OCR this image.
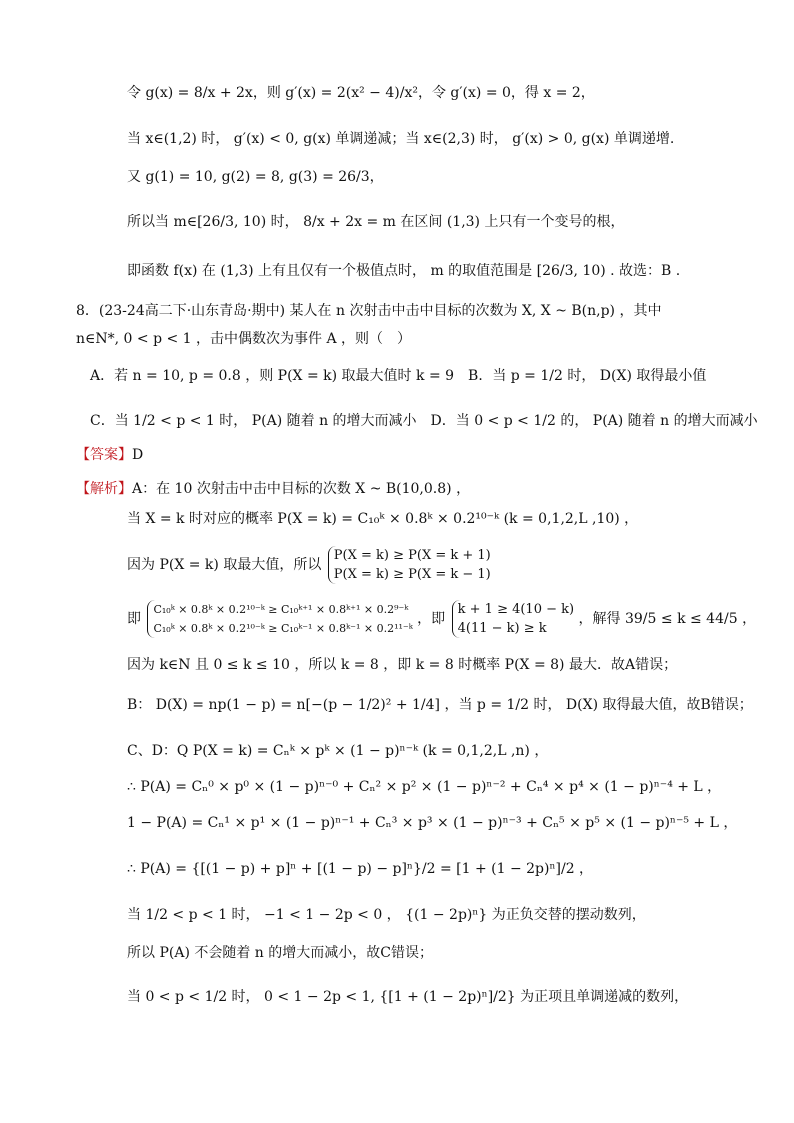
令 g(x) = 8/x + 2x，则 g′(x) = 2(x² − 4)/x²，令 g′(x) = 0，得 x = 2，
当 x∈(1,2) 时， g′(x) < 0, g(x) 单调递减；当 x∈(2,3) 时， g′(x) > 0, g(x) 单调递增.
又 g(1) = 10, g(2) = 8, g(3) = 26/3，
所以当 m∈[26/3, 10) 时， 8/x + 2x = m 在区间 (1,3) 上只有一个变号的根，
即函数 f(x) 在 (1,3) 上有且仅有一个极值点时， m 的取值范围是 [26/3, 10) . 故选：B .
8．(23-24高二下·山东青岛·期中) 某人在 n 次射击中击中目标的次数为 X, X ~ B(n,p) ，其中
n∈N*, 0 < p < 1 ，击中偶数次为事件 A ，则（　）
A．若 n = 10, p = 0.8 ，则 P(X = k) 取最大值时 k = 9　B．当 p = 1/2 时， D(X) 取得最小值
C．当 1/2 < p < 1 时， P(A) 随着 n 的增大而减小　D．当 0 < p < 1/2 的， P(A) 随着 n 的增大而减小
【答案】D
【解析】A：在 10 次射击中击中目标的次数 X ~ B(10,0.8) ，
当 X = k 时对应的概率 P(X = k) = C₁₀ᵏ × 0.8ᵏ × 0.2¹⁰⁻ᵏ (k = 0,1,2,L ,10) ，
因为 P(X = k) 取最大值，所以
P(X = k) ≥ P(X = k + 1)
P(X = k) ≥ P(X = k − 1)
即
C₁₀ᵏ × 0.8ᵏ × 0.2¹⁰⁻ᵏ ≥ C₁₀ᵏ⁺¹ × 0.8ᵏ⁺¹ × 0.2⁹⁻ᵏ
C₁₀ᵏ × 0.8ᵏ × 0.2¹⁰⁻ᵏ ≥ C₁₀ᵏ⁻¹ × 0.8ᵏ⁻¹ × 0.2¹¹⁻ᵏ
，即
k + 1 ≥ 4(10 − k)
4(11 − k) ≥ k
，解得 39/5 ≤ k ≤ 44/5 ，
因为 k∈N 且 0 ≤ k ≤ 10 ，所以 k = 8 ，即 k = 8 时概率 P(X = 8) 最大．故A错误；
B： D(X) = np(1 − p) = n[−(p − 1/2)² + 1/4] ，当 p = 1/2 时， D(X) 取得最大值，故B错误；
C、D：Q P(X = k) = Cₙᵏ × pᵏ × (1 − p)ⁿ⁻ᵏ (k = 0,1,2,L ,n) ，
∴ P(A) = Cₙ⁰ × p⁰ × (1 − p)ⁿ⁻⁰ + Cₙ² × p² × (1 − p)ⁿ⁻² + Cₙ⁴ × p⁴ × (1 − p)ⁿ⁻⁴ + L ，
1 − P(A) = Cₙ¹ × p¹ × (1 − p)ⁿ⁻¹ + Cₙ³ × p³ × (1 − p)ⁿ⁻³ + Cₙ⁵ × p⁵ × (1 − p)ⁿ⁻⁵ + L ，
∴ P(A) = {[(1 − p) + p]ⁿ + [(1 − p) − p]ⁿ}/2 = [1 + (1 − 2p)ⁿ]/2 ，
当 1/2 < p < 1 时， −1 < 1 − 2p < 0 ， {(1 − 2p)ⁿ} 为正负交替的摆动数列，
所以 P(A) 不会随着 n 的增大而减小，故C错误；
当 0 < p < 1/2 时， 0 < 1 − 2p < 1, {[1 + (1 − 2p)ⁿ]/2} 为正项且单调递减的数列，
